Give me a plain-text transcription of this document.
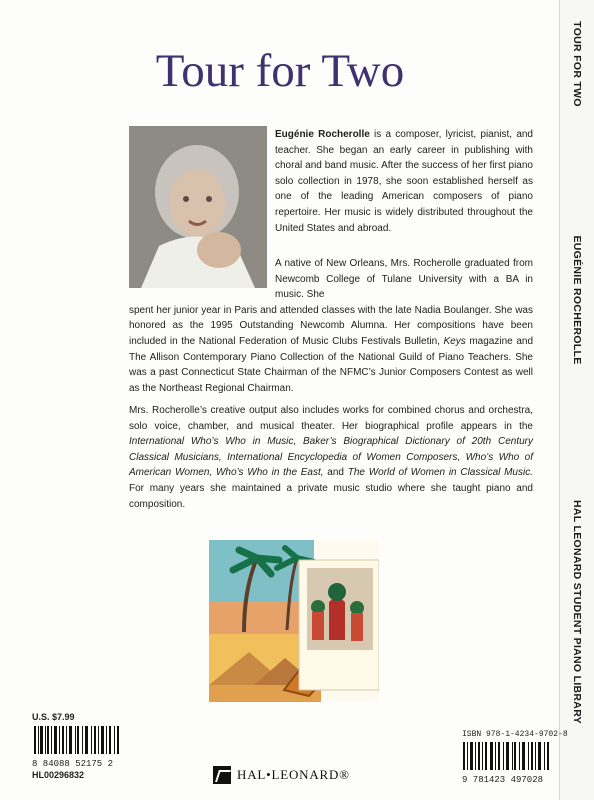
TOUR FOR TWO
EUGÉNIE ROCHEROLLE
HAL LEONARD STUDENT PIANO LIBRARY
Tour for Two

Eugénie Rocherolle is a composer, lyricist, pianist, and teacher. She began an early career in publishing with choral and band music. After the success of her first piano solo collection in 1978, she soon established herself as one of the leading American composers of piano repertoire. Her music is widely distributed throughout the United States and abroad.

A native of New Orleans, Mrs. Rocherolle graduated from Newcomb College of Tulane University with a BA in music. She
spent her junior year in Paris and attended classes with the late Nadia Boulanger. She was honored as the 1995 Outstanding Newcomb Alumna. Her compositions have been included in the National Federation of Music Clubs Festivals Bulletin, Keys magazine and The Allison Contemporary Piano Collection of the National Guild of Piano Teachers. She was a past Connecticut State Chairman of the NFMC’s Junior Composers Contest as well as the Northeast Regional Chairman.

Mrs. Rocherolle’s creative output also includes works for combined chorus and orchestra, solo voice, chamber, and musical theater. Her biographical profile appears in the International Who’s Who in Music, Baker’s Biographical Dictionary of 20th Century Classical Musicians, International Encyclopedia of Women Composers, Who’s Who of American Women, Who’s Who in the East, and The World of Women in Classical Music. For many years she maintained a private music studio where she taught piano and composition.

U.S. $7.99
8 84088 52175 2
HL00296832	HAL•LEONARD®
ISBN 978-1-4234-9702-8
9 781423 497028
